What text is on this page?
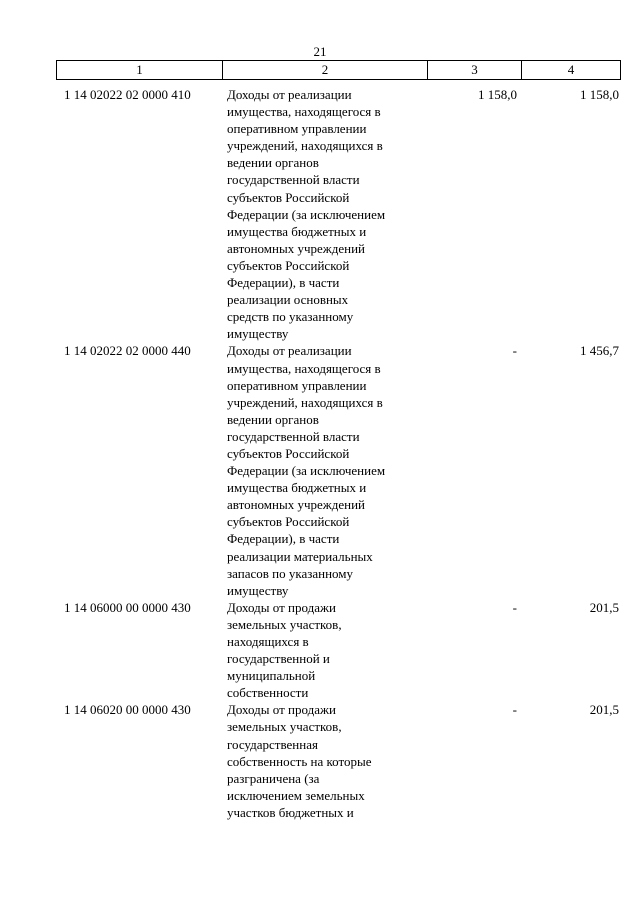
21
1	2	3	4
1 14 02022 02 0000 410	Доходы от реализации
имущества, находящегося в
оперативном управлении
учреждений, находящихся в
ведении органов
государственной власти
субъектов Российской
Федерации (за исключением
имущества бюджетных и
автономных учреждений
субъектов Российской
Федерации), в части
реализации основных
средств по указанному
имуществу
1 158,0	1 158,0
1 14 02022 02 0000 440	Доходы от реализации
имущества, находящегося в
оперативном управлении
учреждений, находящихся в
ведении органов
государственной власти
субъектов Российской
Федерации (за исключением
имущества бюджетных и
автономных учреждений
субъектов Российской
Федерации), в части
реализации материальных
запасов по указанному
имуществу
-	1 456,7
1 14 06000 00 0000 430	Доходы от продажи
земельных участков,
находящихся в
государственной и
муниципальной
собственности
-	201,5
1 14 06020 00 0000 430	Доходы от продажи
земельных участков,
государственная
собственность на которые
разграничена (за
исключением земельных
участков бюджетных и
-	201,5
